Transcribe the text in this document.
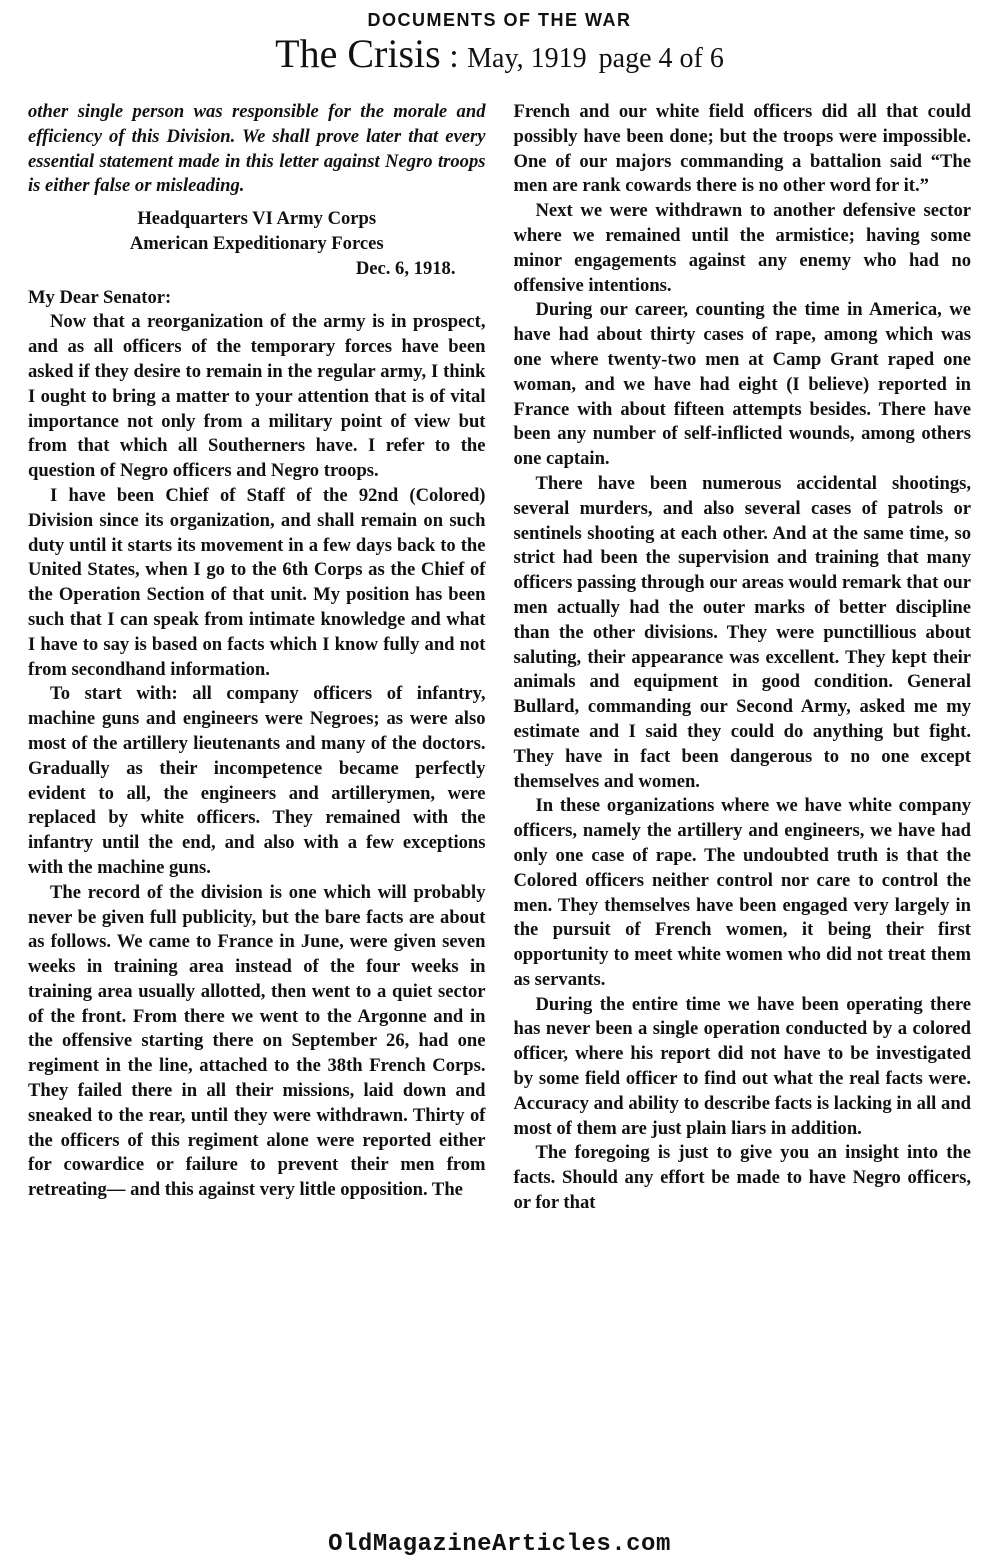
DOCUMENTS OF THE WAR
The Crisis : May, 1919 page 4 of 6

other single person was responsible for the morale and efficiency of this Division. We shall prove later that every essential statement made in this letter against Negro troops is either false or misleading.

Headquarters VI Army Corps

American Expeditionary Forces

Dec. 6, 1918.

My Dear Senator:

Now that a reorganization of the army is in prospect, and as all officers of the temporary forces have been asked if they desire to remain in the regular army, I think I ought to bring a matter to your attention that is of vital importance not only from a military point of view but from that which all Southerners have. I refer to the question of Negro officers and Negro troops.

I have been Chief of Staff of the 92nd (Colored) Division since its organization, and shall remain on such duty until it starts its movement in a few days back to the United States, when I go to the 6th Corps as the Chief of the Operation Section of that unit. My position has been such that I can speak from intimate knowledge and what I have to say is based on facts which I know fully and not from secondhand information.

To start with: all company officers of infantry, machine guns and engineers were Negroes; as were also most of the artillery lieutenants and many of the doctors. Gradually as their incompetence became perfectly evident to all, the engineers and artillerymen, were replaced by white officers. They remained with the infantry until the end, and also with a few exceptions with the machine guns.

The record of the division is one which will probably never be given full publicity, but the bare facts are about as follows. We came to France in June, were given seven weeks in training area instead of the four weeks in training area usually allotted, then went to a quiet sector of the front. From there we went to the Argonne and in the offensive starting there on September 26, had one regiment in the line, attached to the 38th French Corps. They failed there in all their missions, laid down and sneaked to the rear, until they were withdrawn. Thirty of the officers of this regiment alone were reported either for cowardice or failure to prevent their men from retreating— and this against very little opposition. The

French and our white field officers did all that could possibly have been done; but the troops were impossible. One of our majors commanding a battalion said “The men are rank cowards there is no other word for it.”

Next we were withdrawn to another defensive sector where we remained until the armistice; having some minor engagements against any enemy who had no offensive intentions.

During our career, counting the time in America, we have had about thirty cases of rape, among which was one where twenty-two men at Camp Grant raped one woman, and we have had eight (I believe) reported in France with about fifteen attempts besides. There have been any number of self-inflicted wounds, among others one captain.

There have been numerous accidental shootings, several murders, and also several cases of patrols or sentinels shooting at each other. And at the same time, so strict had been the supervision and training that many officers passing through our areas would remark that our men actually had the outer marks of better discipline than the other divisions. They were punctillious about saluting, their appearance was excellent. They kept their animals and equipment in good condition. General Bullard, commanding our Second Army, asked me my estimate and I said they could do anything but fight. They have in fact been dangerous to no one except themselves and women.

In these organizations where we have white company officers, namely the artillery and engineers, we have had only one case of rape. The undoubted truth is that the Colored officers neither control nor care to control the men. They themselves have been engaged very largely in the pursuit of French women, it being their first opportunity to meet white women who did not treat them as servants.

During the entire time we have been operating there has never been a single operation conducted by a colored officer, where his report did not have to be investigated by some field officer to find out what the real facts were. Accuracy and ability to describe facts is lacking in all and most of them are just plain liars in addition.

The foregoing is just to give you an insight into the facts. Should any effort be made to have Negro officers, or for that

OldMagazineArticles.com
